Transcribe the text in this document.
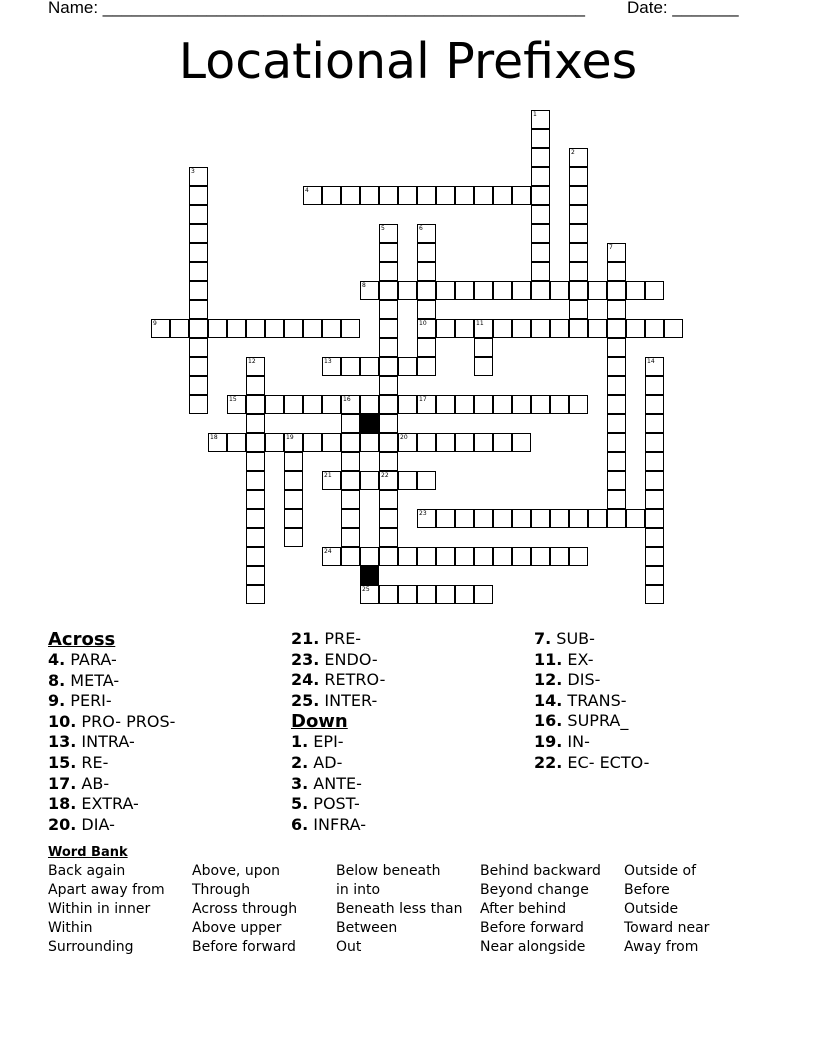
Name: ___________________________________________________ Date: _______
Locational Prefixes
1
2
3
4
5
22
6
10
7
8
9	11
12	13	14
15	16	17
18	19	20
21
23
24
25
Across
4. PARA-
8. META-
9. PERI-
10. PRO- PROS-
13. INTRA-
15. RE-
17. AB-
18. EXTRA-
20. DIA-
21. PRE-
23. ENDO-
24. RETRO-
25. INTER-
Down
1. EPI-
2. AD-
3. ANTE-
5. POST-
6. INFRA-
7. SUB-
11. EX-
12. DIS-
14. TRANS-
16. SUPRA_
19. IN-
22. EC- ECTO-
Word Bank
Back again	Above, upon	Below beneath	Behind backward	Outside of
Apart away from	Through	in into	Beyond change	Before
Within in inner	Across through	Beneath less than	After behind	Outside
Within	Above upper	Between	Before forward	Toward near
Surrounding	Before forward	Out	Near alongside	Away from
